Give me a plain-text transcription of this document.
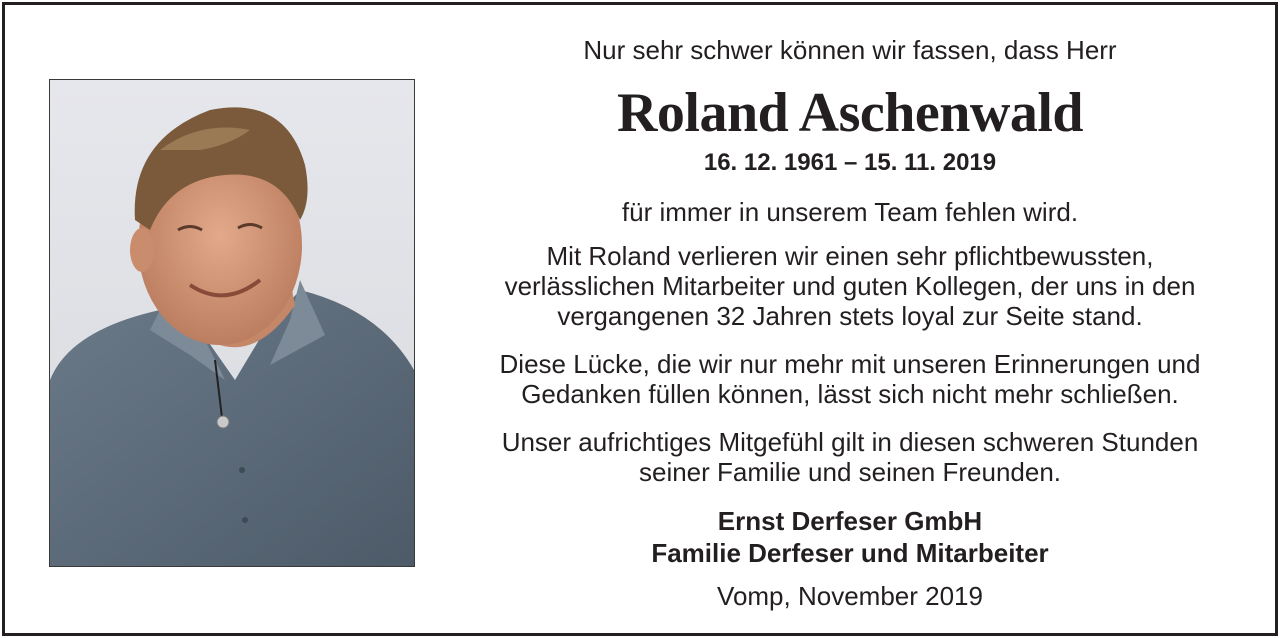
Nur sehr schwer können wir fassen, dass Herr
Roland Aschenwald
16. 12. 1961 – 15. 11. 2019
für immer in unserem Team fehlen wird.
Mit Roland verlieren wir einen sehr pflichtbewussten,
verlässlichen Mitarbeiter und guten Kollegen, der uns in den
vergangenen 32 Jahren stets loyal zur Seite stand.
Diese Lücke, die wir nur mehr mit unseren Erinnerungen und
Gedanken füllen können, lässt sich nicht mehr schließen.
Unser aufrichtiges Mitgefühl gilt in diesen schweren Stunden
seiner Familie und seinen Freunden.
Ernst Derfeser GmbH
Familie Derfeser und Mitarbeiter
Vomp, November 2019
